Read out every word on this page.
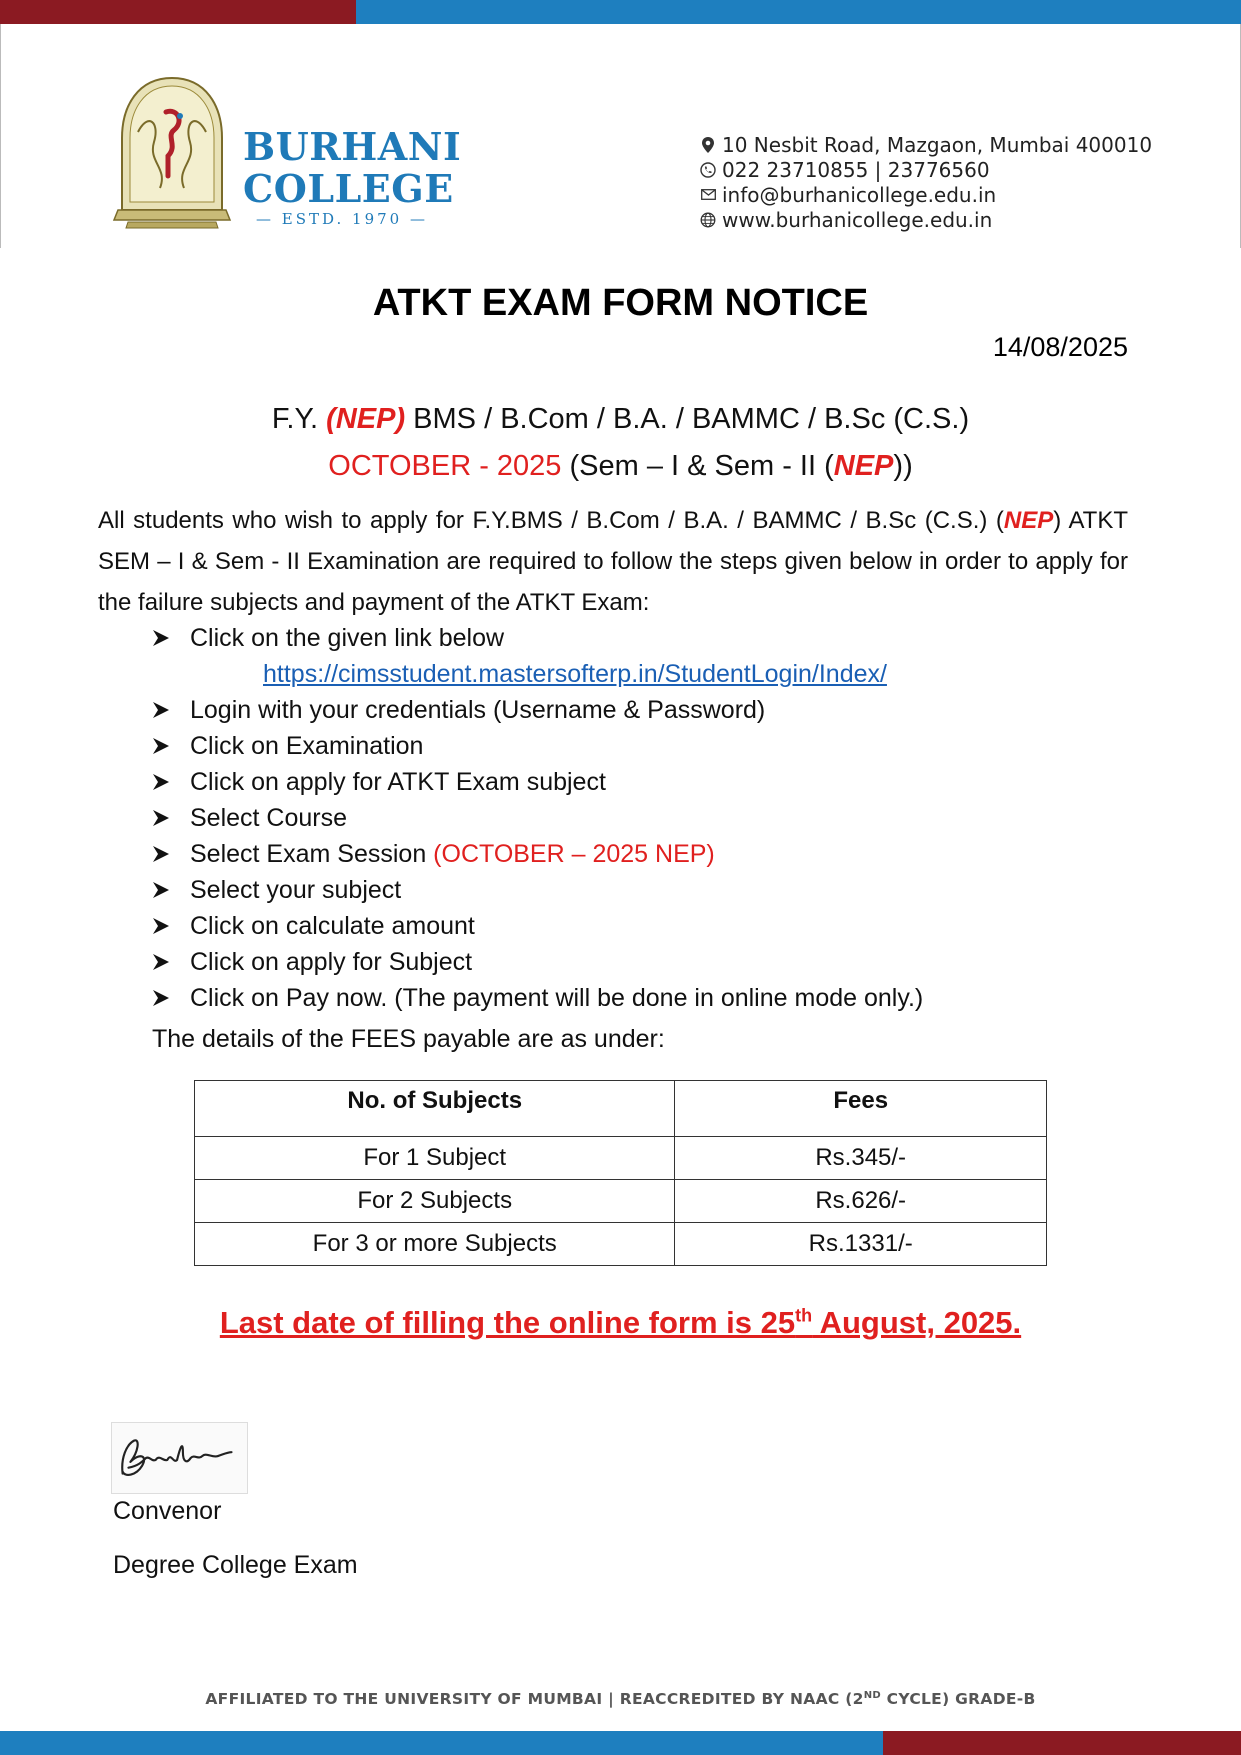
BURHANI
COLLEGE
— ESTD. 1970 —
10 Nesbit Road, Mazgaon, Mumbai 400010
022 23710855 | 23776560
info@burhanicollege.edu.in
www.burhanicollege.edu.in
ATKT EXAM FORM NOTICE
14/08/2025
F.Y. (NEP) BMS / B.Com / B.A. / BAMMC / B.Sc (C.S.)
OCTOBER - 2025 (Sem – I & Sem - II (NEP))
All students who wish to apply for F.Y.BMS / B.Com / B.A. / BAMMC / B.Sc (C.S.) (NEP) ATKT SEM – I & Sem - II Examination are required to follow the steps given below in order to apply for the failure subjects and payment of the ATKT Exam:
Click on the given link below
Login with your credentials (Username & Password)
Click on Examination
Click on apply for ATKT Exam subject
Select Course
Select Exam Session (OCTOBER – 2025 NEP)
Select your subject
Click on calculate amount
Click on apply for Subject
Click on Pay now. (The payment will be done in online mode only.)
https://cimsstudent.mastersofterp.in/StudentLogin/Index/
The details of the FEES payable are as under:
No. of Subjects	Fees
For 1 Subject	Rs.345/-
For 2 Subjects	Rs.626/-
For 3 or more Subjects	Rs.1331/-
Last date of filling the online form is 25th August, 2025.
Convenor
Degree College Exam
AFFILIATED TO THE UNIVERSITY OF MUMBAI | REACCREDITED BY NAAC (2ND CYCLE) GRADE-B
